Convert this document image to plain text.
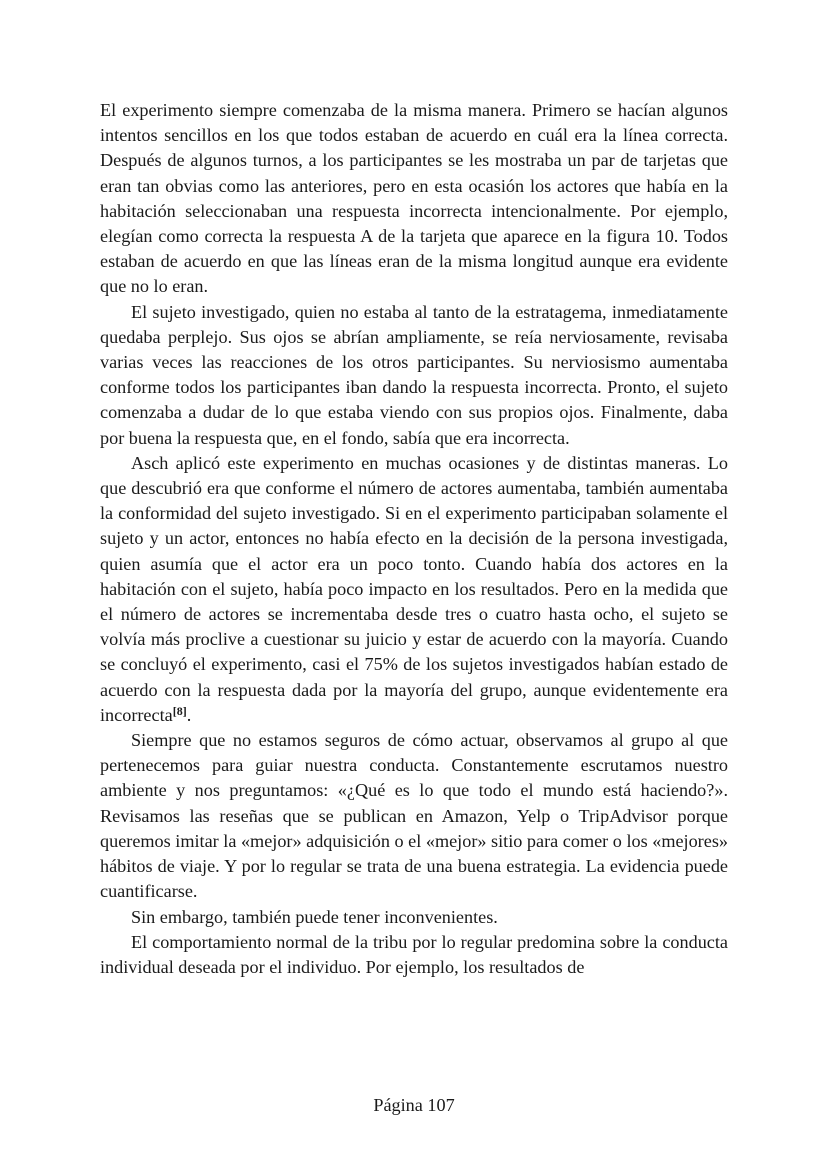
El experimento siempre comenzaba de la misma manera. Primero se hacían algunos intentos sencillos en los que todos estaban de acuerdo en cuál era la línea correcta. Después de algunos turnos, a los participantes se les mostraba un par de tarjetas que eran tan obvias como las anteriores, pero en esta ocasión los actores que había en la habitación seleccionaban una respuesta incorrecta intencionalmente. Por ejemplo, elegían como correcta la respuesta A de la tarjeta que aparece en la figura 10. Todos estaban de acuerdo en que las líneas eran de la misma longitud aunque era evidente que no lo eran.

El sujeto investigado, quien no estaba al tanto de la estratagema, inmediatamente quedaba perplejo. Sus ojos se abrían ampliamente, se reía nerviosamente, revisaba varias veces las reacciones de los otros participantes. Su nerviosismo aumentaba conforme todos los participantes iban dando la respuesta incorrecta. Pronto, el sujeto comenzaba a dudar de lo que estaba viendo con sus propios ojos. Finalmente, daba por buena la respuesta que, en el fondo, sabía que era incorrecta.

Asch aplicó este experimento en muchas ocasiones y de distintas maneras. Lo que descubrió era que conforme el número de actores aumentaba, también aumentaba la conformidad del sujeto investigado. Si en el experimento participaban solamente el sujeto y un actor, entonces no había efecto en la decisión de la persona investigada, quien asumía que el actor era un poco tonto. Cuando había dos actores en la habitación con el sujeto, había poco impacto en los resultados. Pero en la medida que el número de actores se incrementaba desde tres o cuatro hasta ocho, el sujeto se volvía más proclive a cuestionar su juicio y estar de acuerdo con la mayoría. Cuando se concluyó el experimento, casi el 75% de los sujetos investigados habían estado de acuerdo con la respuesta dada por la mayoría del grupo, aunque evidentemente era incorrecta[8].

Siempre que no estamos seguros de cómo actuar, observamos al grupo al que pertenecemos para guiar nuestra conducta. Constantemente escrutamos nuestro ambiente y nos preguntamos: «¿Qué es lo que todo el mundo está haciendo?». Revisamos las reseñas que se publican en Amazon, Yelp o TripAdvisor porque queremos imitar la «mejor» adquisición o el «mejor» sitio para comer o los «mejores» hábitos de viaje. Y por lo regular se trata de una buena estrategia. La evidencia puede cuantificarse.

Sin embargo, también puede tener inconvenientes.

El comportamiento normal de la tribu por lo regular predomina sobre la conducta individual deseada por el individuo. Por ejemplo, los resultados de

Página 107
